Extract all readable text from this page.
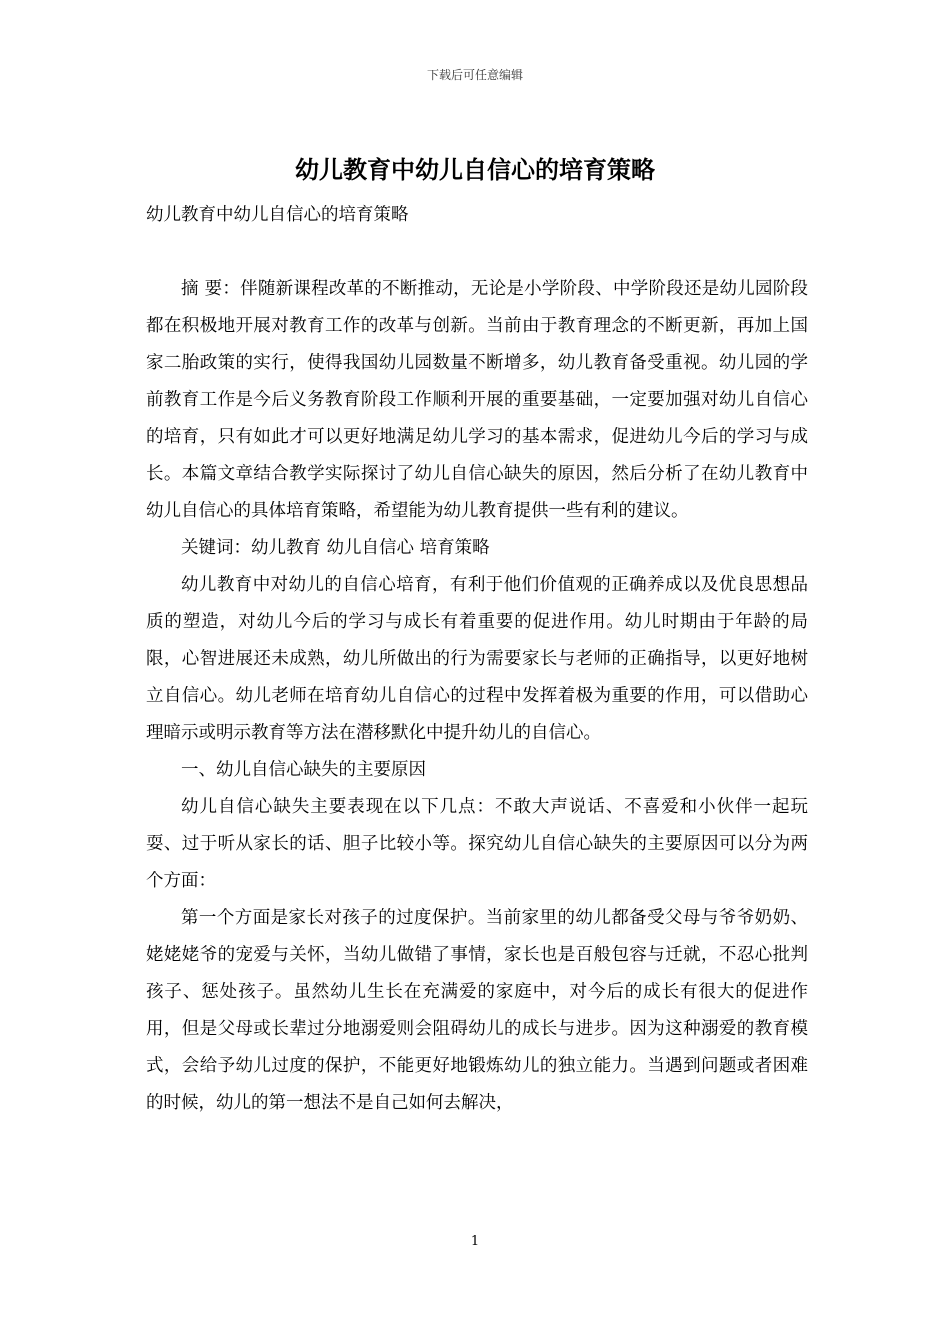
下载后可任意编辑
幼儿教育中幼儿自信心的培育策略

幼儿教育中幼儿自信心的培育策略

摘 要：伴随新课程改革的不断推动，无论是小学阶段、中学阶段还是幼儿园阶段都在积极地开展对教育工作的改革与创新。当前由于教育理念的不断更新，再加上国家二胎政策的实行，使得我国幼儿园数量不断增多，幼儿教育备受重视。幼儿园的学前教育工作是今后义务教育阶段工作顺利开展的重要基础，一定要加强对幼儿自信心的培育，只有如此才可以更好地满足幼儿学习的基本需求，促进幼儿今后的学习与成长。本篇文章结合教学实际探讨了幼儿自信心缺失的原因，然后分析了在幼儿教育中幼儿自信心的具体培育策略，希望能为幼儿教育提供一些有利的建议。

关键词：幼儿教育 幼儿自信心 培育策略

幼儿教育中对幼儿的自信心培育，有利于他们价值观的正确养成以及优良思想品质的塑造，对幼儿今后的学习与成长有着重要的促进作用。幼儿时期由于年龄的局限，心智进展还未成熟，幼儿所做出的行为需要家长与老师的正确指导，以更好地树立自信心。幼儿老师在培育幼儿自信心的过程中发挥着极为重要的作用，可以借助心理暗示或明示教育等方法在潜移默化中提升幼儿的自信心。

一、幼儿自信心缺失的主要原因

幼儿自信心缺失主要表现在以下几点：不敢大声说话、不喜爱和小伙伴一起玩耍、过于听从家长的话、胆子比较小等。探究幼儿自信心缺失的主要原因可以分为两个方面：

第一个方面是家长对孩子的过度保护。当前家里的幼儿都备受父母与爷爷奶奶、姥姥姥爷的宠爱与关怀，当幼儿做错了事情，家长也是百般包容与迁就，不忍心批判孩子、惩处孩子。虽然幼儿生长在充满爱的家庭中，对今后的成长有很大的促进作用，但是父母或长辈过分地溺爱则会阻碍幼儿的成长与进步。因为这种溺爱的教育模式，会给予幼儿过度的保护，不能更好地锻炼幼儿的独立能力。当遇到问题或者困难的时候，幼儿的第一想法不是自己如何去解决，

1
